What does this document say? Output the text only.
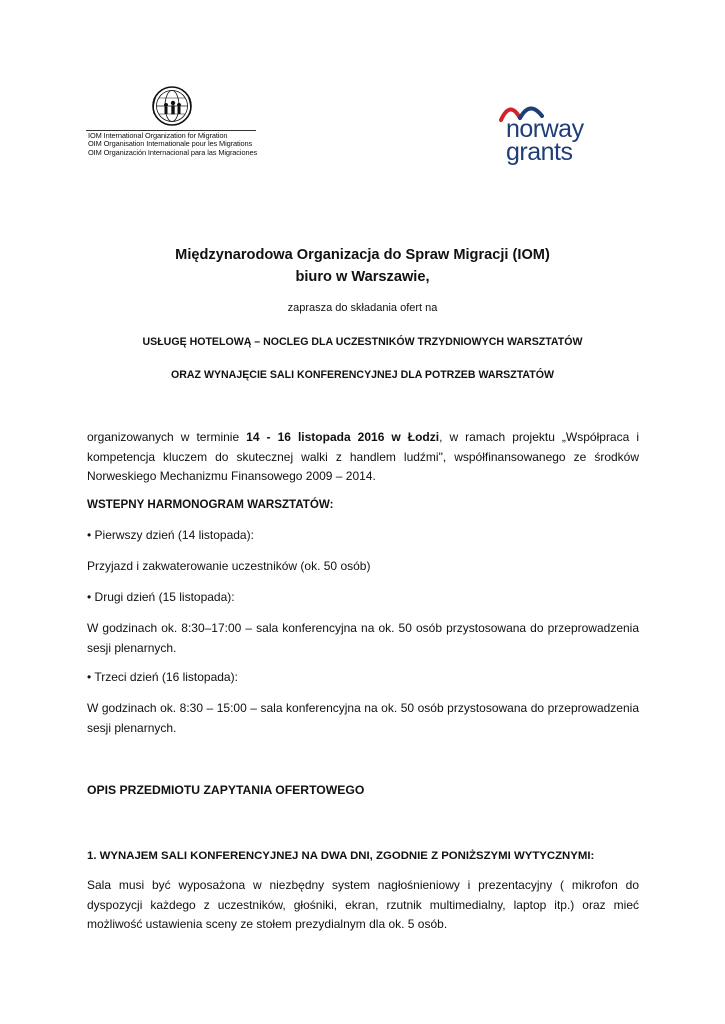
IOM International Organization for Migration
OIM Organisation Internationale pour les Migrations
OIM Organización Internacional para las Migraciones
norway
grants
Międzynarodowa Organizacja do Spraw Migracji (IOM)
biuro w Warszawie,
zaprasza do składania ofert na
USŁUGĘ HOTELOWĄ – NOCLEG DLA UCZESTNIKÓW TRZYDNIOWYCH WARSZTATÓW
ORAZ WYNAJĘCIE SALI KONFERENCYJNEJ DLA POTRZEB WARSZTATÓW
organizowanych w terminie 14 - 16 listopada 2016 w Łodzi, w ramach projektu „Współpraca i kompetencja kluczem do skutecznej walki z handlem ludźmi", współfinansowanego ze środków Norweskiego Mechanizmu Finansowego 2009 – 2014.
WSTEPNY HARMONOGRAM WARSZTATÓW:
• Pierwszy dzień (14 listopada):
Przyjazd i zakwaterowanie uczestników (ok. 50 osób)
• Drugi dzień (15 listopada):
W godzinach ok. 8:30–17:00 – sala konferencyjna na ok. 50 osób przystosowana do przeprowadzenia sesji plenarnych.
• Trzeci dzień (16 listopada):
W godzinach ok. 8:30 – 15:00 – sala konferencyjna na ok. 50 osób przystosowana do przeprowadzenia sesji plenarnych.
OPIS PRZEDMIOTU ZAPYTANIA OFERTOWEGO
1. WYNAJEM SALI KONFERENCYJNEJ NA DWA DNI, ZGODNIE Z PONIŻSZYMI WYTYCZNYMI:
Sala musi być wyposażona w niezbędny system nagłośnieniowy i prezentacyjny ( mikrofon do dyspozycji każdego z uczestników, głośniki, ekran, rzutnik multimedialny, laptop itp.) oraz mieć możliwość ustawienia sceny ze stołem prezydialnym dla ok. 5 osób.
